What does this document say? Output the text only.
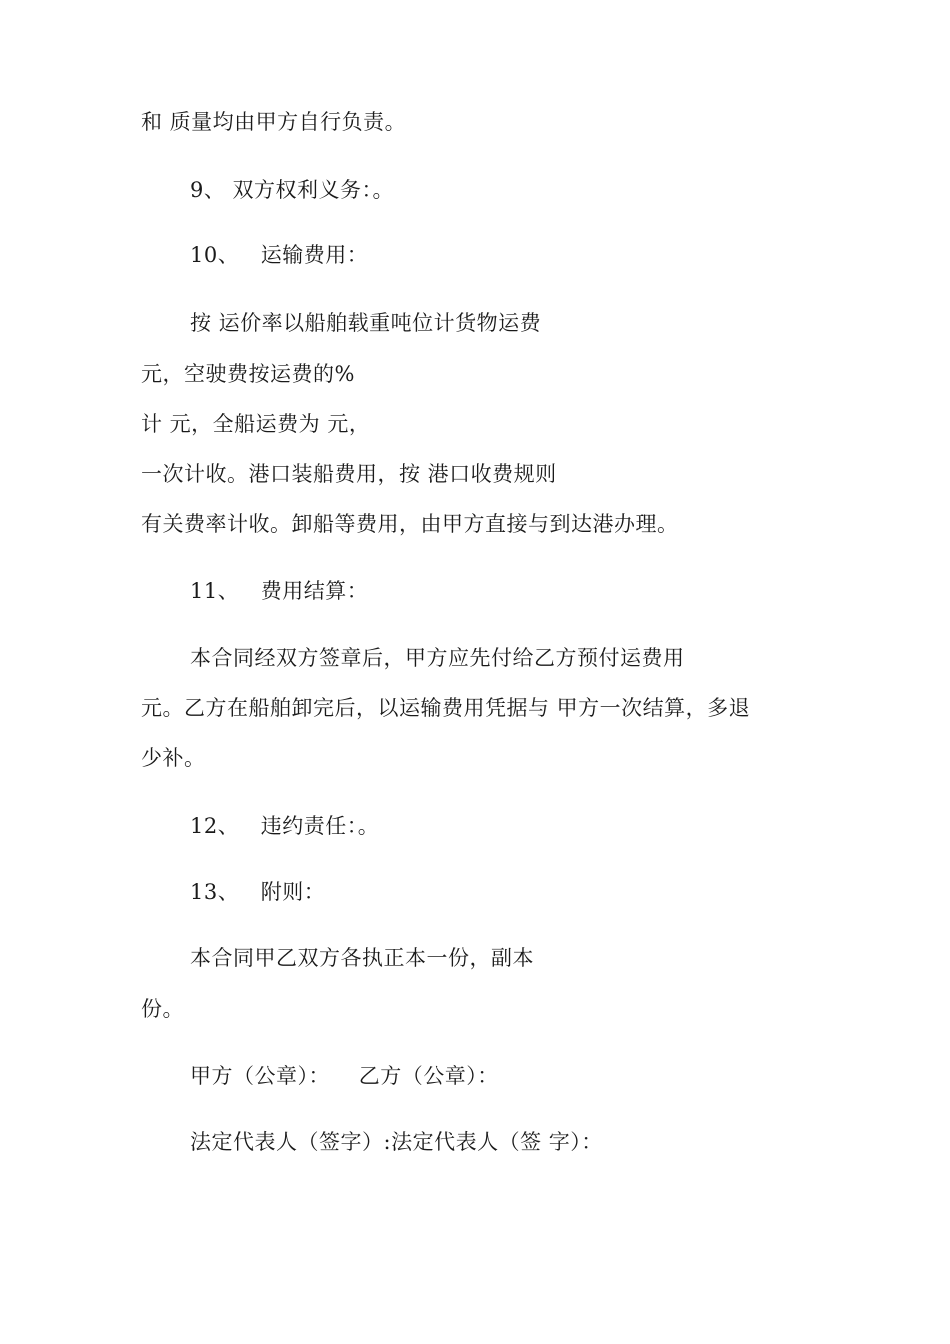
和 质量均由甲方自行负责。

9、 双方权利义务：。

10、   运输费用：

按 运价率以船舶载重吨位计货物运费

元，空驶费按运费的%

计 元，全船运费为 元，

一次计收。港口装船费用，按 港口收费规则

有关费率计收。卸船等费用，由甲方直接与到达港办理。

11、   费用结算：

本合同经双方签章后，甲方应先付给乙方预付运费用

元。乙方在船舶卸完后，以运输费用凭据与 甲方一次结算，多退

少补。

12、   违约责任：。

13、   附则：

本合同甲乙双方各执正本一份，副本

份。

甲方（公章）：    乙方（公章）：

法定代表人（签字）:法定代表人（签 字）：
